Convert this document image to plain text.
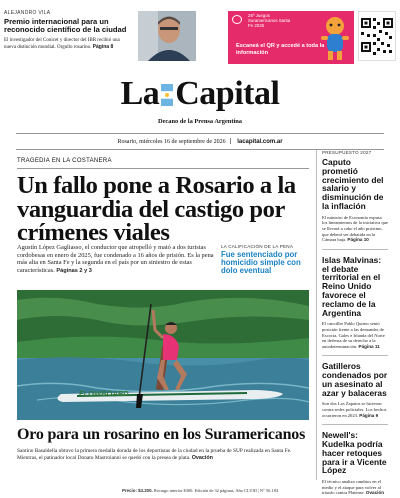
ALEJANDRO VILA
Premio internacional para un reconocido científico de la ciudad
El investigador del Conicet y director del IBR recibió una nueva distinción mundial. Orgullo rosarino. Página 8
26º Juegos Suramericanos Santa Fe 2026
Escaneá el QR y accedé a toda la información
La Capital
Decano de la Prensa Argentina
Rosario, miércoles 16 de septiembre de 2026 lacapital.com.ar
TRAGEDIA EN LA COSTANERA
Un fallo pone a Rosario a la vanguardia del castigo por crímenes viales
Agustín López Gagliasso, el conductor que atropelló y mató a dos turistas cordobesas en enero de 2025, fue condenado a 16 años de prisión. Es la pena más alta en Santa Fe y la segunda en el país por un siniestro de estas características. Páginas 2 y 3
LA CALIFICACIÓN DE LA PENA
Fue sentenciado por homicidio simple con dolo eventual
FLOWBOARD
Oro para un rosarino en los Suramericanos
Santino Basaldella obtuvo la primera medalla dorada de los deportistas de la ciudad en la prueba de SUP realizada en Santa Fe. Mientras, el patinador local Donato Mastroianni se quedó con la presea de plata. Ovación
PRESUPUESTO 2027
Caputo prometió crecimiento del salario y disminución de la inflación
El ministro de Economía expuso los lineamientos de la iniciativa que se llevará a cabo el año próximo, que deberá ser debatida en la Cámara baja. Página 10
Islas Malvinas: el debate territorial en el Reino Unido favorece el reclamo de la Argentina
El canciller Pablo Quirno sentó posición frente a las demandas de Escocia, Gales e Irlanda del Norte en defensa de su derecho a la autodeterminación. Página 11
Gatilleros condenados por un asesinato al azar y balaceras
Son dos Los Zapatos se hicieron contra sedes policiales. Los hechos ocurrieron en 2023. Página 9
Newell's: Kudelka podría hacer retoques para ir a Vicente López
El técnico analiza cambios en el medio y el ataque para volver al triunfo contra Platense. Ovación
Precio: $3.200. Recargo interior $300. Edición de 32 páginas. Año CLVIII | N° 56.184
